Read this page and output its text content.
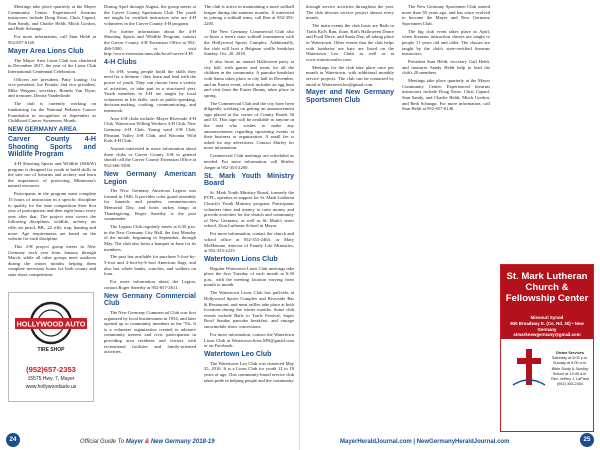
Meetings take place quarterly at the Mayer Community Center. Experienced firearms instructors include Doug Ernst, Chris Capaul, Stan Sandy, and Charlie Heldt, Mitch Gordon, and Beth Schnapp.

For more information, call Stan Heldt at 952-657-6140.

Mayer Area Lions Club

The Mayer Area Lions Club was chartered in December 2017, the year of the Lions Club International Centennial Celebration.

Officers are: president, Patty Luning; 1st vice president, Joe Prouda; 2nd vice president, Mike Weigner; secretary, Brenda Van Dyne; and treasurer, Denise Vanderlinde.

The club is currently working on fundraising for the National Pediatric Cancer Foundation in recognition of September as Childhood Cancer Awareness Month.

NEW GERMANY AREA
Carver County 4-H Shooting Sports and Wildlife Program

4-H Shooting Sports and Wildlife (SS&W) program is designed for youth to build skills in the safe use of firearms and archery and learn the importance of protecting Minnesota's natural resources.

Participants in the program must complete 15 hours of instruction in a specific discipline to qualify for the state competition their first year of participation and then eight hours every year after that. The project area covers the following disciplines: wildlife, archery, air rifle, air pistol, BB, .22 rifle, trap, hunting and more. Age requirements are based on the website for each discipline.

This 4-H project group meets in New Germany each year from January through March, while all other groups meet outdoors during the winter months helping them complete necessary hours for both county and state shoot competitions.

HOLLYWOOD AUTO
TIRE SHOP
(952)657-2353
15575 Hwy. 7, Mayer
www.hollywoodauto.us

During April through August, the group meets at the Carver County Sportsman Club. The youth are taught by certified instructors who are 4-H volunteers in the Carver County 4-H program.

For further information about the 4-H Shooting Sports and Wildlife Program, contact the Carver County 4-H Extension Office at 952-466-5300, or visit http://www.extension.umn.edu/local/carver/4-H/.

4-H Clubs

In 4-H, young people build the skills they need for a lifetime - they learn and lead with the power of youth. They can choose from a variety of activities, or take part in a structured year. Youth members in 4-H are taught by local volunteers in life skills, such as public-speaking, decision-making, cooking, communicating, and teamwork.

Area 4-H clubs include: Mayer Riverside 4-H Club, Watertown Willing Workers 4-H Club, New Germany 4-H Club, Young ward 4-H Club, Pleasant Valley 4-H Club, and Waconia Wild Kids 4-H Club.

Anyone interested in more information about these clubs or Carver County 4-H in general should call the Carver County Extension Office at 952-466-5300.

New Germany American Legion

The New Germany American Legion was formed in 1946. It provides color guard assembly for funerals and parades, commemorates Memorial Day, and hosts turkey bingo at Thanksgiving. Roger Sanerby is the post commander.

The Legion Club regularly meets at 6:30 p.m. in the New Germany City Hall, the first Monday of the month, beginning in September, through May. The club also hosts a banquet in June for its members.

The post has available for purchase 5-foot-by-5-foot and 4-foot-by-6-foot American flags, and also has whole banks, crutches, and walkers on loan.

For more information about the Legion, contact Roger Sanerby at 952-657-2611.

New Germany Commercial Club

The New Germany Commercial Club was first organized by local businessmen in 1954, and later opened up to community members in the '70s. It is a volunteer organization created to advance community interest and civic participation in providing area residents and visitors with recreational facilities and family-oriented activities.

The club is active in maintaining a more softball league during the summer months. If interested in joining a softball team, call Ron at 952-353-2205.

The New Germany Commercial Club also co-hosts a men's state softball tournament with the Hollywood Sports Complex. Additionally, the club will host a Belgium waffle breakfast Sunday, Oct. 20, 2018.

It also hosts an annual Halloween party at city hall, with games and treats for all the children in the community. A pancake breakfast with Santa takes place at city hall in December, and an Easter event, which includes an egg hunt and visit from the Easter Bunny, takes place in spring.

The Commercial Club and the city have been diligently working on getting an announcement sign placed at the corner of County Roads 30 and 33. This sign will be available to anyone in the area who wishes to make any announcements regarding upcoming events at their business or organization. A small fee is asked for any advertisers. Contact Shirley for more information.

Commercial Club meetings are scheduled as needed. For more information, call Shirley Jaeger at 952-353-2200.

St. Mark Youth Ministry Board

St. Mark Youth Ministry Board, formerly the PTFL, operates as support for St. Mark Lutheran Church's Youth Ministry program. Participants volunteer time and money to raise money and provide activities for the church and community of New Germany, as well as St. Mark's sister school, Zion Lutheran School in Mayer.

For more information, contact the church and school office at 952-353-2464, or Mary McMenone, director of Family Life Ministries, at 952-353-2223.

Watertown Lions Club

Regular Watertown Lions Club meetings take place the first Tuesday of each month at 6:30 p.m., with the meeting location varying from month to month.

The Watertown Lions Club has pull-tabs at Hollywood Sports Complex and Riverside Bar & Restaurant, and meat raffles take place at both locations during the winter months. Some club events include Rails to Trails Festival, Super Bowl Sunday pancake breakfast, and vintage snowmobile show concessions.

For more information, contact the Watertown Lions Club at Watertown.lions.MN@gmail.com or on Facebook.

Watertown Leo Club

The Watertown Leo Club was chartered May 25, 2016. It is a Lions Club for youth 12 to 18 years of age. This community-based service club takes pride in helping people and the community

through service activities throughout the year. The club devotes service project almost every month.

The main events the club hosts are Rails to Trails Kid's Run, Zone, Kid's Halloween Dance and Food Drive, and Santa Day, all taking place in Watertown. Other events that the club helps with fundraise are bars are listed on the Watertown Leo Clubs as well as at www.watertownleo.com.

Meetings for the club take place once per month in Watertown, with additional monthly service projects. The club can be contacted by email at Watertown.leo@gmail.com.

Mayer and New Germany Sportsmen Club

The New Germany Sportsmen Club started more than 50 years ago, and has since evolved to become the Mayer and New Germany Sportsmen Club.

The big club event takes place in April, when firearms instruction classes are taught to people 11 years old and older. The classes are taught by the club's state-certified firearms instructors.

President Stan Heldt, secretary Gail Heldt, and treasurer Sandy Heldt help to lead the club's 20 members.

Meetings take place quarterly at the Mayer Community Center. Experienced firearms instructors include Doug Ernst, Chris Capaul, Stan Sandy, and Charlie Heldt, Mitch Gordon, and Beth Schnapp. For more information, call Stan Heldt at 952-657-6140.

St. Mark Lutheran Church & Fellowship Center
Missouri Synod
500 Broadway E. (Co. Rd. 30) • New Germany
stmarknewgermany@gmail.com
Divine Services
Saturday at 5:00 p.m.
Sunday at 9:00 a.m.
Bible Study & Sunday School at 10:45 a.m.
Rev. Jeffrey J. LaPlant
(952) 353-2464
24	Official Guide To Mayer & New Germany 2018-19	MayerHeraldJournal.com | NewGermanyHeraldJournal.com	25
